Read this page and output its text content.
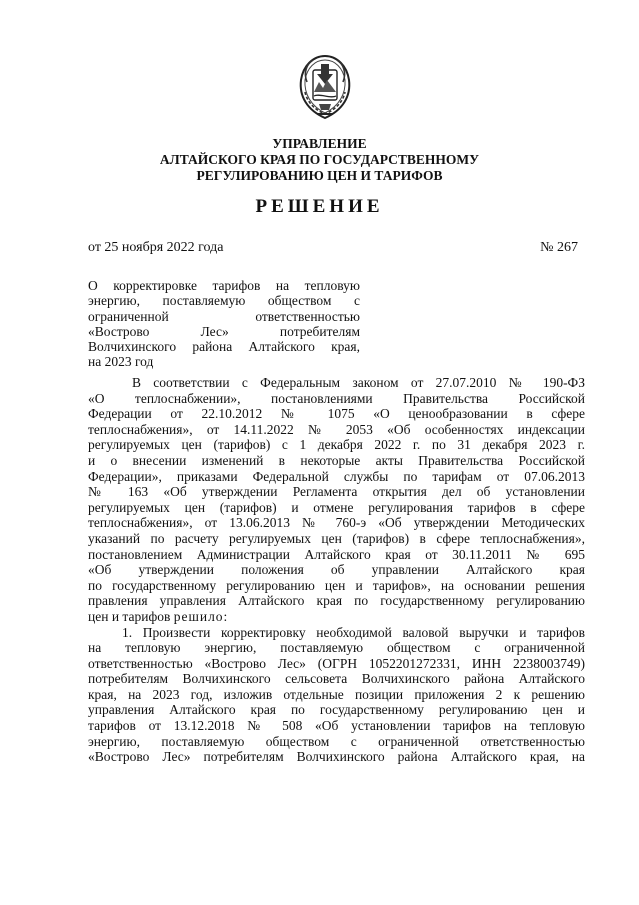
УПРАВЛЕНИЕ
АЛТАЙСКОГО КРАЯ ПО ГОСУДАРСТВЕННОМУ
РЕГУЛИРОВАНИЮ ЦЕН И ТАРИФОВ
РЕШЕНИЕ
от 25 ноября 2022 года	№ 267
О корректировке тарифов на тепловую
энергию, поставляемую обществом с
ограниченной ответственностью
«Вострово Лес» потребителям
Волчихинского района Алтайского края,
на 2023 год
В соответствии с Федеральным законом от 27.07.2010 № 190-ФЗ
«О теплоснабжении», постановлениями Правительства Российской
Федерации от 22.10.2012 № 1075 «О ценообразовании в сфере
теплоснабжения», от 14.11.2022 № 2053 «Об особенностях индексации
регулируемых цен (тарифов) с 1 декабря 2022 г. по 31 декабря 2023 г.
и о внесении изменений в некоторые акты Правительства Российской
Федерации», приказами Федеральной службы по тарифам от 07.06.2013
№ 163 «Об утверждении Регламента открытия дел об установлении
регулируемых цен (тарифов) и отмене регулирования тарифов в сфере
теплоснабжения», от 13.06.2013 № 760-э «Об утверждении Методических
указаний по расчету регулируемых цен (тарифов) в сфере теплоснабжения»,
постановлением Администрации Алтайского края от 30.11.2011 № 695
«Об утверждении положения об управлении Алтайского края
по государственному регулированию цен и тарифов», на основании решения
правления управления Алтайского края по государственному регулированию
цен и тарифов решило:
1. Произвести корректировку необходимой валовой выручки и тарифов
на тепловую энергию, поставляемую обществом с ограниченной
ответственностью «Вострово Лес» (ОГРН 1052201272331, ИНН 2238003749)
потребителям Волчихинского сельсовета Волчихинского района Алтайского
края, на 2023 год, изложив отдельные позиции приложения 2 к решению
управления Алтайского края по государственному регулированию цен и
тарифов от 13.12.2018 № 508 «Об установлении тарифов на тепловую
энергию, поставляемую обществом с ограниченной ответственностью
«Вострово Лес» потребителям Волчихинского района Алтайского края, на
